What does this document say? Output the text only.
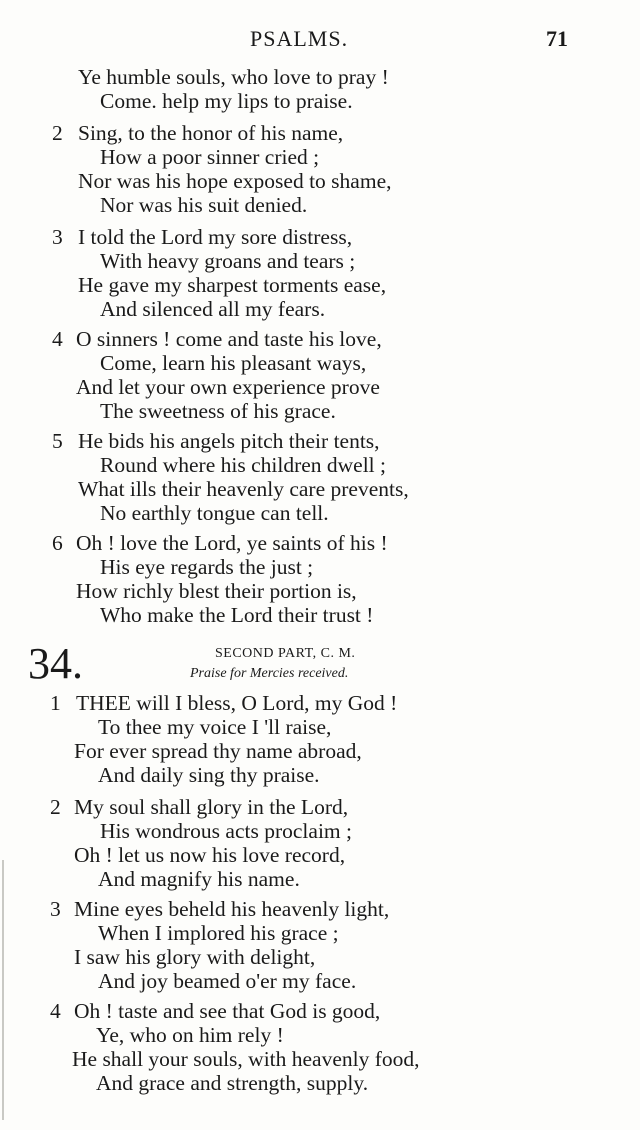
PSALMS.	71
Ye humble souls, who love to pray !
Come. help my lips to praise.
2 Sing, to the honor of his name,
How a poor sinner cried ;
Nor was his hope exposed to shame,
Nor was his suit denied.
3 I told the Lord my sore distress,
With heavy groans and tears ;
He gave my sharpest torments ease,
And silenced all my fears.
4 O sinners ! come and taste his love,
Come, learn his pleasant ways,
And let your own experience prove
The sweetness of his grace.
5 He bids his angels pitch their tents,
Round where his children dwell ;
What ills their heavenly care prevents,
No earthly tongue can tell.
6 Oh ! love the Lord, ye saints of his !
His eye regards the just ;
How richly blest their portion is,
Who make the Lord their trust !
34.	SECOND PART, C. M.
Praise for Mercies received.
1 THEE will I bless, O Lord, my God !
To thee my voice I 'll raise,
For ever spread thy name abroad,
And daily sing thy praise.
2 My soul shall glory in the Lord,
His wondrous acts proclaim ;
Oh ! let us now his love record,
And magnify his name.
3 Mine eyes beheld his heavenly light,
When I implored his grace ;
I saw his glory with delight,
And joy beamed o'er my face.
4 Oh ! taste and see that God is good,
Ye, who on him rely !
He shall your souls, with heavenly food,
And grace and strength, supply.
